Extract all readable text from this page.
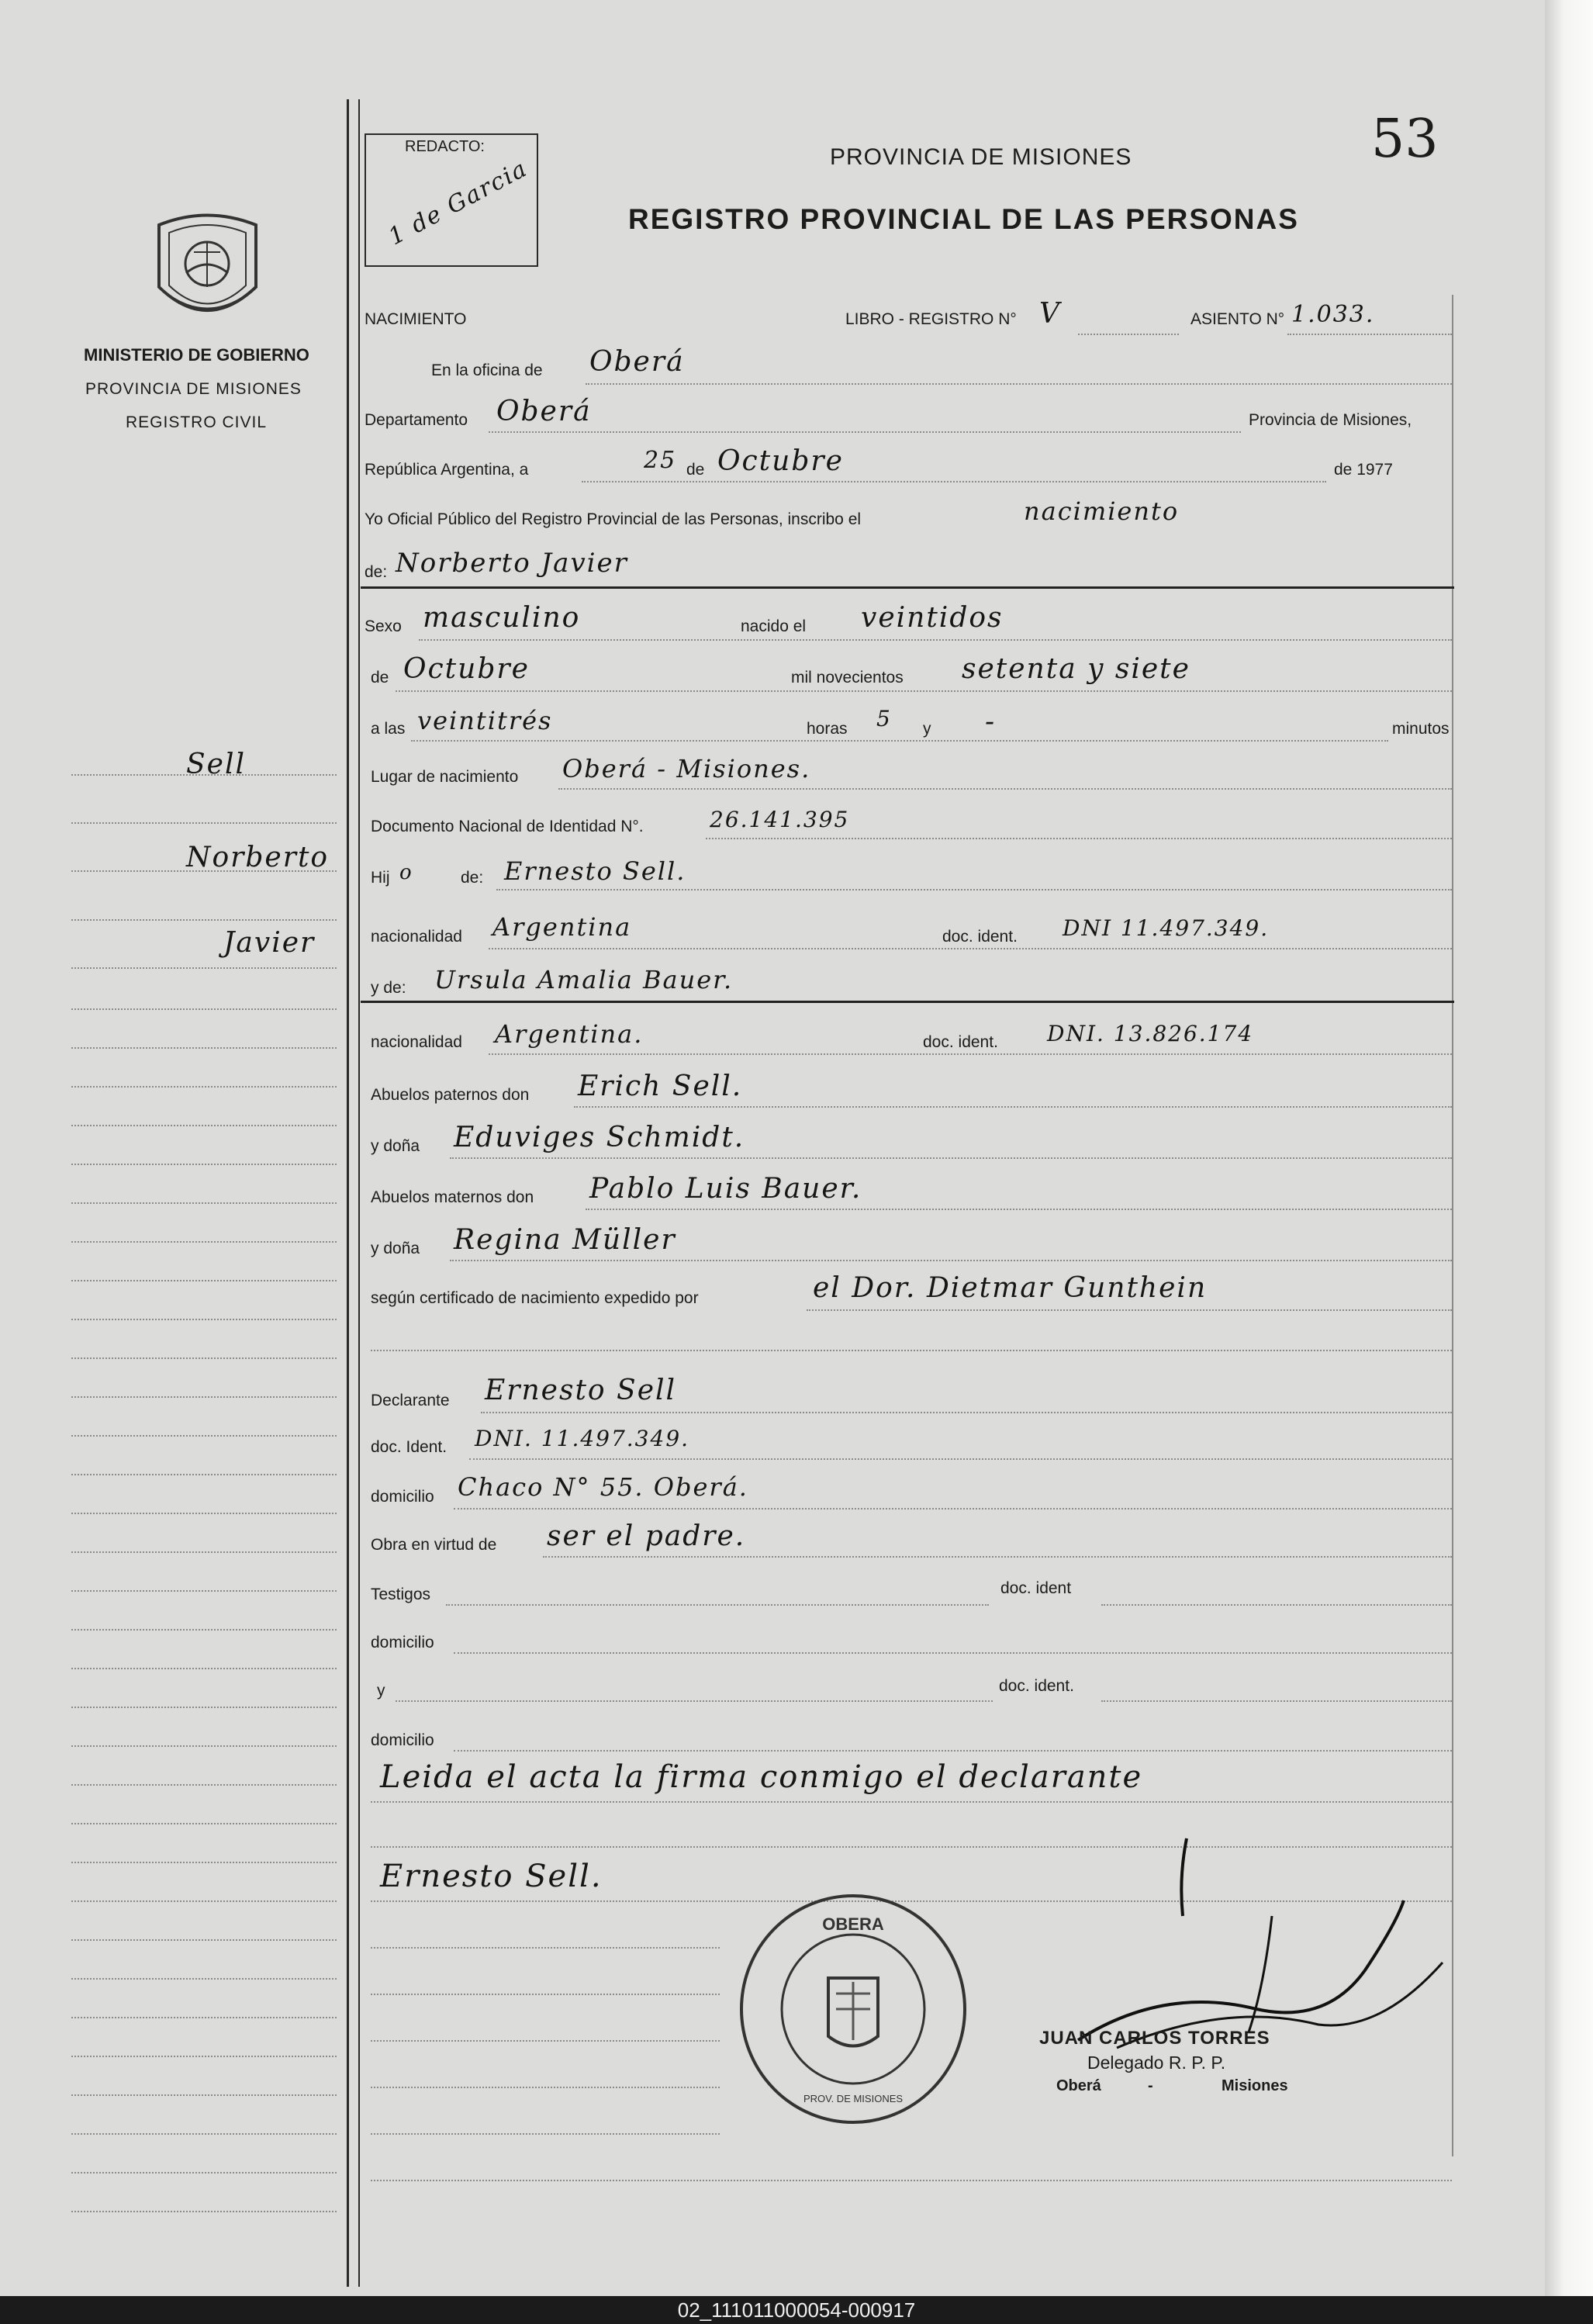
MINISTERIO DE GOBIERNO
PROVINCIA DE MISIONES
REGISTRO CIVIL
Sell
Norberto
Javier
REDACTO:
1 de Garcia	PROVINCIA DE MISIONES
REGISTRO PROVINCIAL DE LAS PERSONAS
53
NACIMIENTO	LIBRO - REGISTRO N° V	ASIENTO N° 1.033.
En la oficina de Oberá
Departamento Oberá	Provincia de Misiones,
República Argentina, a	25 de Octubre	de 1977
Yo Oficial Público del Registro Provincial de las Personas, inscribo el	nacimiento
de: Norberto Javier
Sexo masculino	nacido el veintidos
de Octubre	mil novecientos setenta y siete
a las veintitrés	horas 5 y -	minutos
Lugar de nacimiento Oberá - Misiones.
Documento Nacional de Identidad N°.	26.141.395
Hij o	de: Ernesto Sell.
nacionalidad Argentina	doc. ident. DNI 11.497.349.
y de: Ursula Amalia Bauer.
nacionalidad Argentina.	doc. ident. DNI. 13.826.174
Abuelos paternos don Erich Sell.
y doña Eduviges Schmidt.
Abuelos maternos don Pablo Luis Bauer.
y doña Regina Müller
según certificado de nacimiento expedido por	el Dor. Dietmar Gunthein
Declarante Ernesto Sell
doc. Ident. DNI. 11.497.349.
domicilio Chaco N° 55. Oberá.
Obra en virtud de ser el padre.
Testigos	doc. ident
domicilio
y	doc. ident.
domicilio
Leida el acta la firma conmigo el declarante
Ernesto Sell.
JUAN CARLOS TORRES
Delegado R. P. P.
Oberá	-	Misiones
OBERA
PROV. DE MISIONES
02_111011000054-000917
